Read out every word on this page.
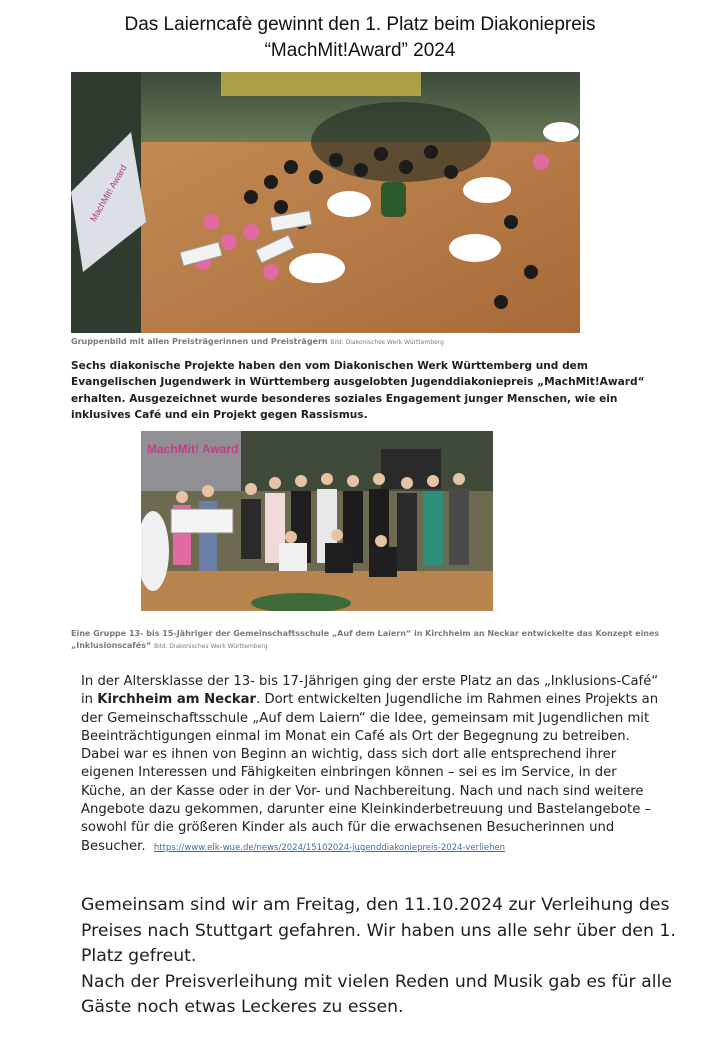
Das Laierncafè gewinnt den 1. Platz beim Diakoniepreis
“MachMit!Award” 2024
MachMit! Award
Gruppenbild mit allen Preisträgerinnen und Preisträgern Bild: Diakonisches Werk Württemberg
Sechs diakonische Projekte haben den vom Diakonischen Werk Württemberg und dem Evangelischen Jugendwerk in Württemberg ausgelobten Jugenddiakoniepreis „MachMit!Award“ erhalten. Ausgezeichnet wurde besonderes soziales Engagement junger Menschen, wie ein inklusives Café und ein Projekt gegen Rassismus.
MachMit! Award
Eine Gruppe 13- bis 15-Jähriger der Gemeinschaftsschule „Auf dem Laiern“ in Kirchheim an Neckar entwickelte das Konzept eines „Inklusionscafés“ Bild: Diakonisches Werk Württemberg
In der Altersklasse der 13- bis 17-Jährigen ging der erste Platz an das „Inklusions-Café“ in Kirchheim am Neckar. Dort entwickelten Jugendliche im Rahmen eines Projekts an der Gemeinschaftsschule „Auf dem Laiern“ die Idee, gemeinsam mit Jugendlichen mit Beeinträchtigungen einmal im Monat ein Café als Ort der Begegnung zu betreiben. Dabei war es ihnen von Beginn an wichtig, dass sich dort alle entsprechend ihrer eigenen Interessen und Fähigkeiten einbringen können – sei es im Service, in der Küche, an der Kasse oder in der Vor- und Nachbereitung. Nach und nach sind weitere Angebote dazu gekommen, darunter eine Kleinkinderbetreuung und Bastelangebote – sowohl für die größeren Kinder als auch für die erwachsenen Besucherinnen und Besucher. https://www.elk-wue.de/news/2024/15102024-jugenddiakoniepreis-2024-verliehen

Gemeinsam sind wir am Freitag, den 11.10.2024 zur Verleihung des Preises nach Stuttgart gefahren. Wir haben uns alle sehr über den 1. Platz gefreut.

Nach der Preisverleihung mit vielen Reden und Musik gab es für alle Gäste noch etwas Leckeres zu essen.
